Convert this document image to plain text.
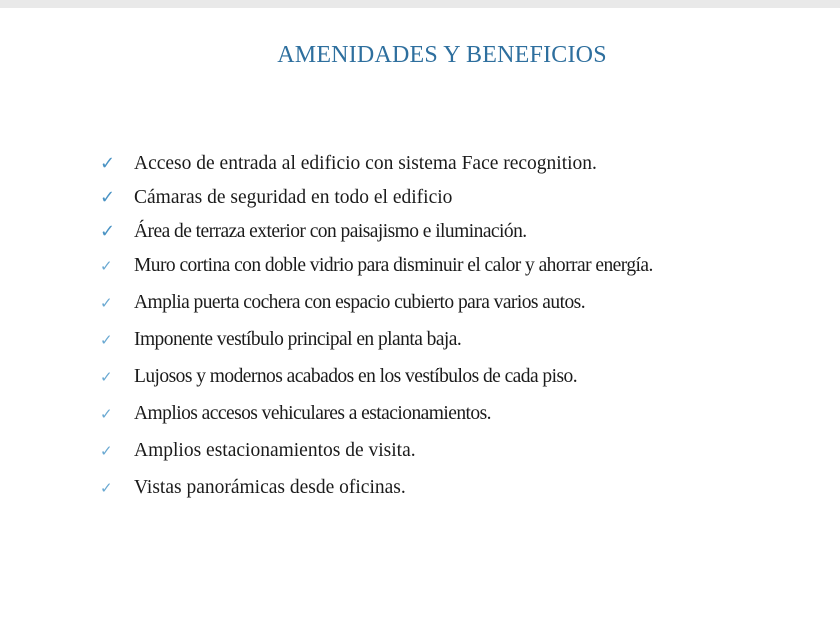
AMENIDADES Y BENEFICIOS
✓ Acceso de entrada al edificio con sistema Face recognition.
✓ Cámaras de seguridad en todo el edificio
✓ Área de terraza exterior con paisajismo e iluminación.
✓	Muro cortina con doble vidrio para disminuir el calor y ahorrar energía.
✓	Amplia puerta cochera con espacio cubierto para varios autos.
✓	Imponente vestíbulo principal en planta baja.
✓	Lujosos y modernos acabados en los vestíbulos de cada piso.
✓	Amplios accesos vehiculares a estacionamientos.
✓	Amplios estacionamientos de visita.
✓	Vistas panorámicas desde oficinas.
